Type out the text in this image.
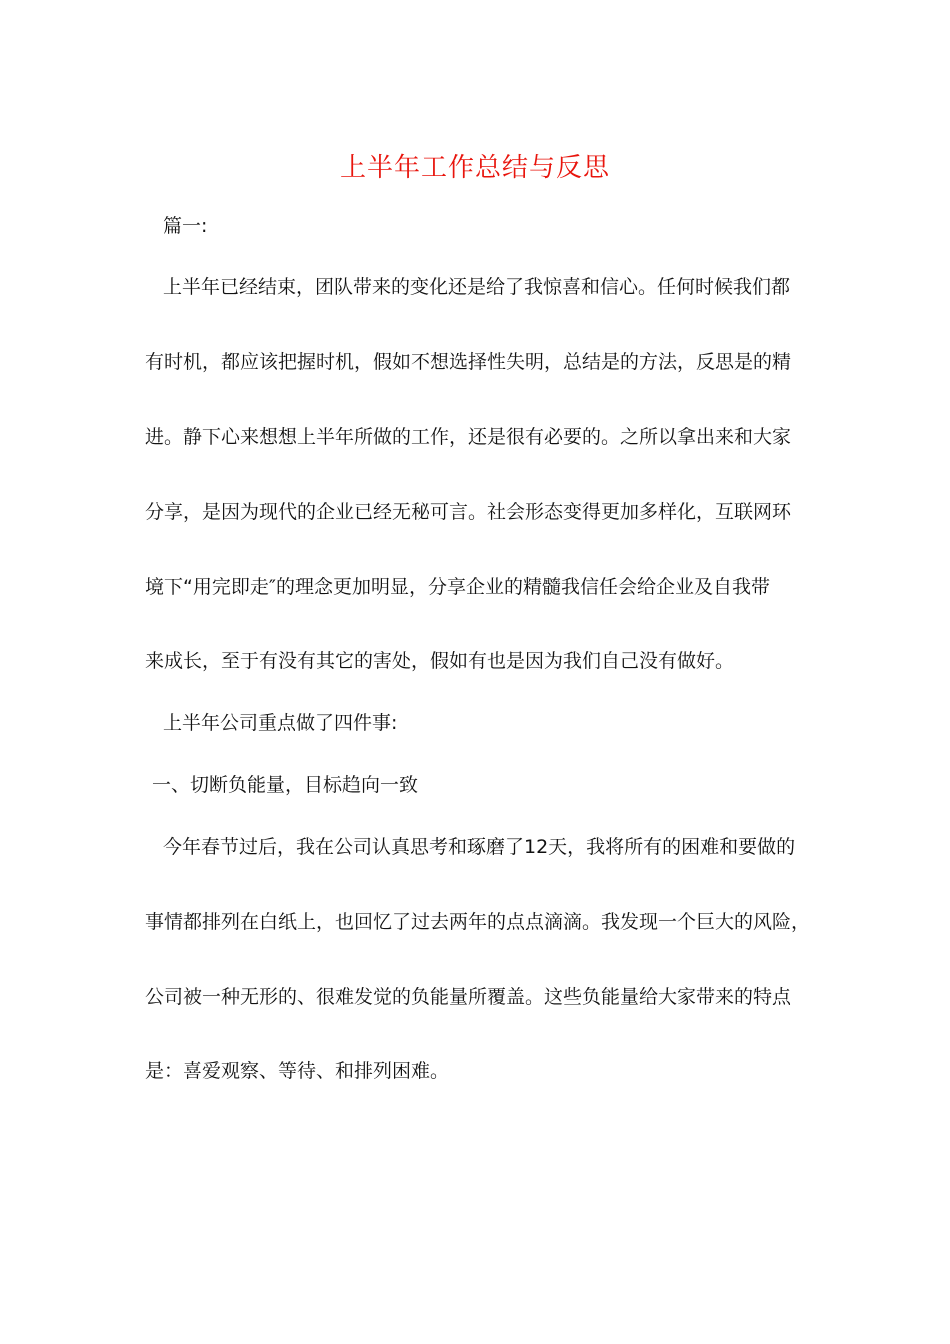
上半年工作总结与反思
篇一:
上半年已经结束，团队带来的变化还是给了我惊喜和信心。任何时候我们都
有时机，都应该把握时机，假如不想选择性失明，总结是的方法，反思是的精
进。静下心来想想上半年所做的工作，还是很有必要的。之所以拿出来和大家
分享，是因为现代的企业已经无秘可言。社会形态变得更加多样化，互联网环
境下“用完即走″的理念更加明显，分享企业的精髓我信任会给企业及自我带
来成长，至于有没有其它的害处，假如有也是因为我们自己没有做好。
上半年公司重点做了四件事:
一、切断负能量，目标趋向一致
今年春节过后，我在公司认真思考和琢磨了12天，我将所有的困难和要做的
事情都排列在白纸上，也回忆了过去两年的点点滴滴。我发现一个巨大的风险，
公司被一种无形的、很难发觉的负能量所覆盖。这些负能量给大家带来的特点
是：喜爱观察、等待、和排列困难。
